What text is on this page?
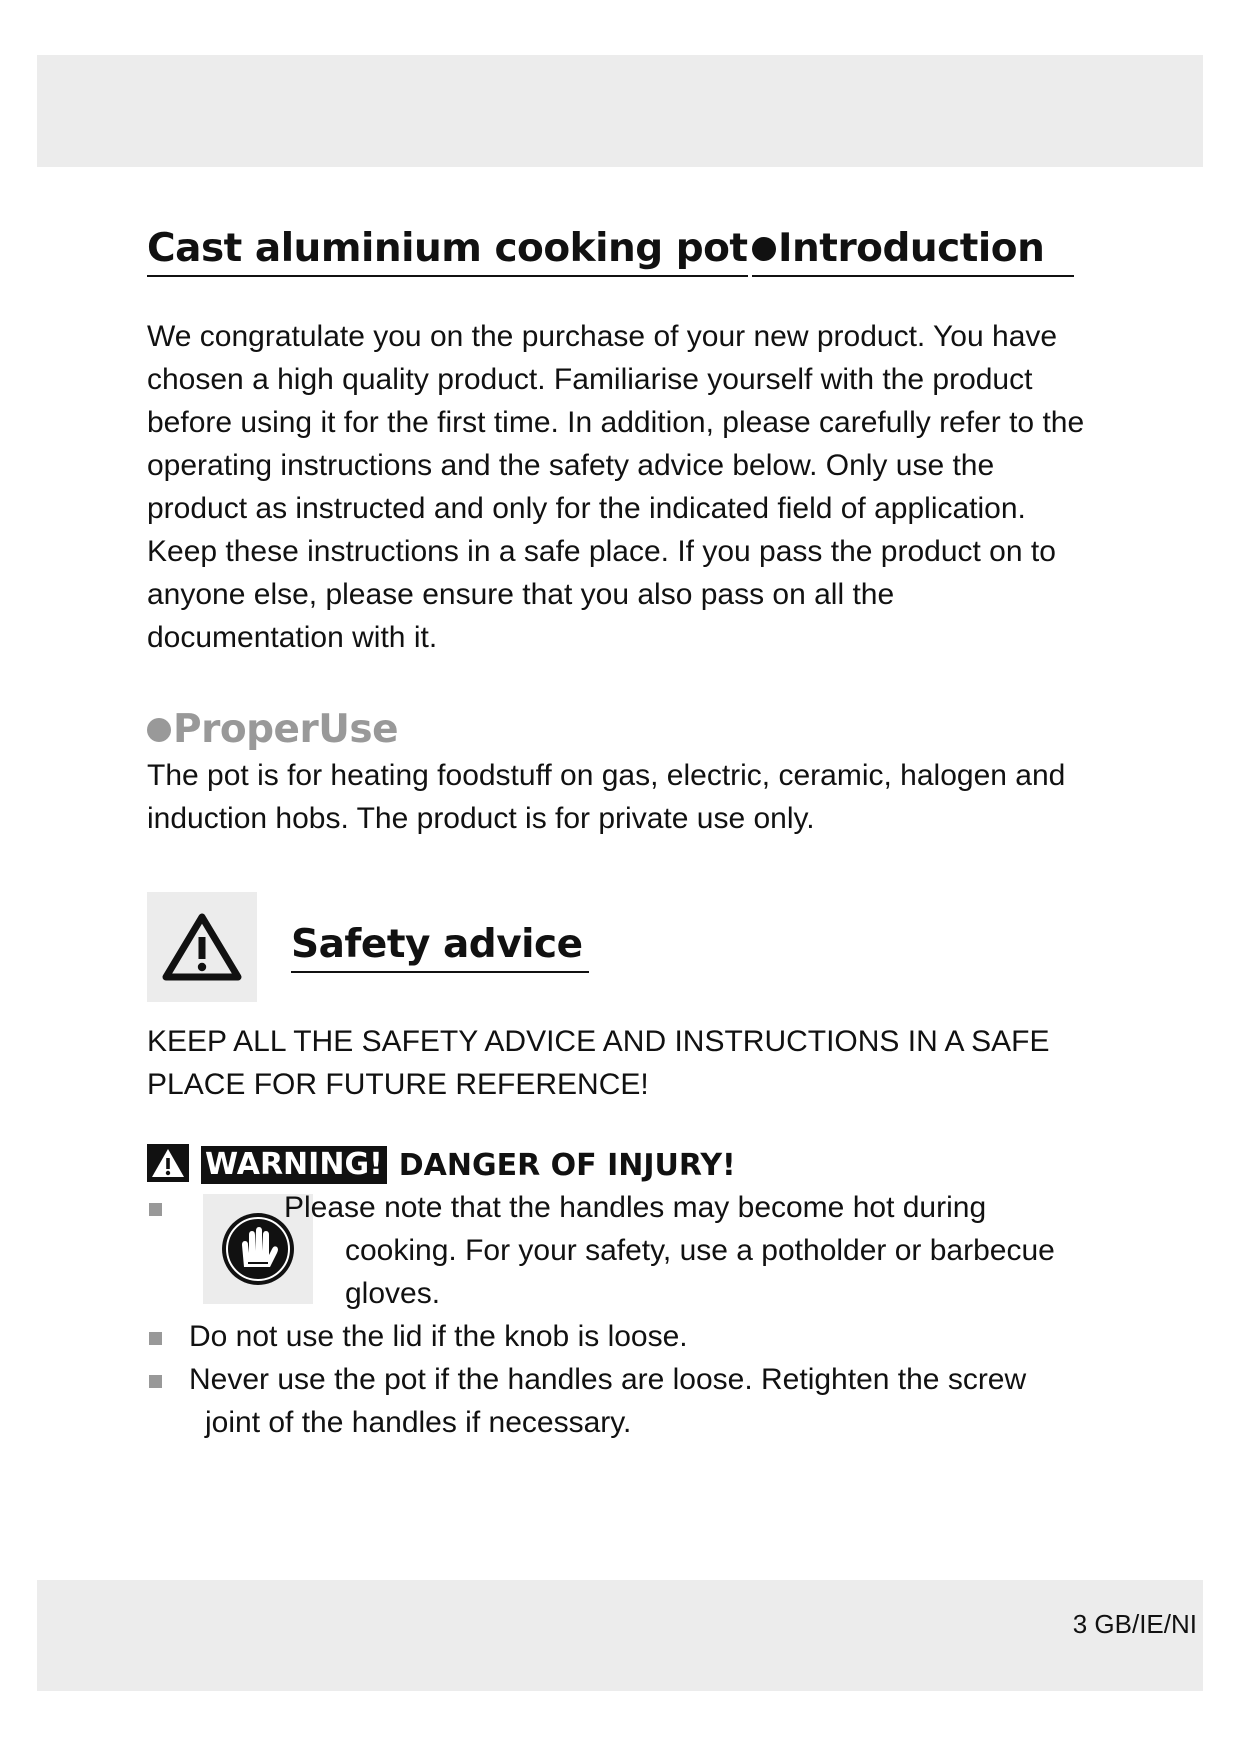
Cast aluminium cooking pot Introduction

We congratulate you on the purchase of your new product. You have chosen a high quality product. Familiarise yourself with the product before using it for the first time. In addition, please carefully refer to the operating instructions and the safety advice below. Only use the product as instructed and only for the indicated field of application. Keep these instructions in a safe place. If you pass the product on to anyone else, please ensure that you also pass on all the documentation with it.

ProperUse

The pot is for heating foodstuff on gas, electric, ceramic, halogen and induction hobs. The product is for private use only.

Safety advice

KEEP ALL THE SAFETY ADVICE AND INSTRUCTIONS IN A SAFE PLACE FOR FUTURE REFERENCE!

WARNING! DANGER OF INJURY!
Please note that the handles may become hot during
cooking. For your safety, use a potholder or barbecue gloves.
Do not use the lid if the knob is loose.
Never use the pot if the handles are loose. Retighten the screw
joint of the handles if necessary.
3 GB/IE/NI
